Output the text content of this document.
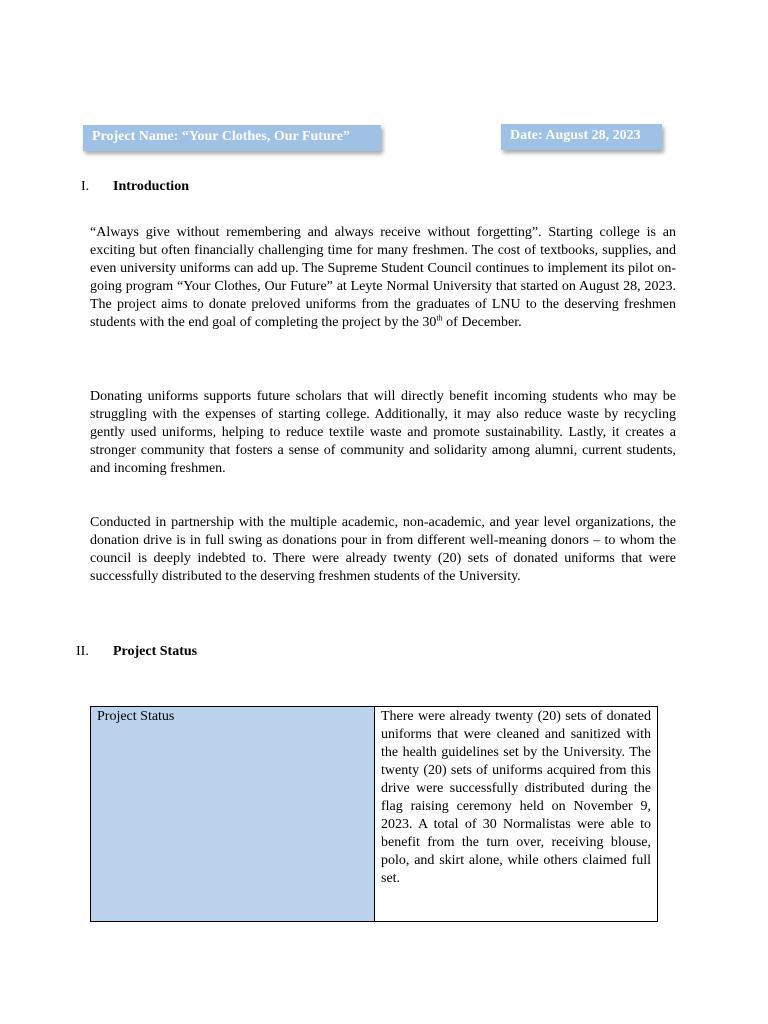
Project Name: “Your Clothes, Our Future”	Date: August 28, 2023
I. Introduction

“Always give without remembering and always receive without forgetting”. Starting college is an exciting but often financially challenging time for many freshmen. The cost of textbooks, supplies, and even university uniforms can add up. The Supreme Student Council continues to implement its pilot on-going program “Your Clothes, Our Future” at Leyte Normal University that started on August 28, 2023. The project aims to donate preloved uniforms from the graduates of LNU to the deserving freshmen students with the end goal of completing the project by the 30th of December.

Donating uniforms supports future scholars that will directly benefit incoming students who may be struggling with the expenses of starting college. Additionally, it may also reduce waste by recycling gently used uniforms, helping to reduce textile waste and promote sustainability. Lastly, it creates a stronger community that fosters a sense of community and solidarity among alumni, current students, and incoming freshmen.

Conducted in partnership with the multiple academic, non-academic, and year level organizations, the donation drive is in full swing as donations pour in from different well-meaning donors – to whom the council is deeply indebted to. There were already twenty (20) sets of donated uniforms that were successfully distributed to the deserving freshmen students of the University.

II. Project Status
Project Status	There were already twenty (20) sets of donated uniforms that were cleaned and sanitized with the health guidelines set by the University. The twenty (20) sets of uniforms acquired from this drive were successfully distributed during the flag raising ceremony held on November 9, 2023. A total of 30 Normalistas were able to benefit from the turn over, receiving blouse, polo, and skirt alone, while others claimed full set.
